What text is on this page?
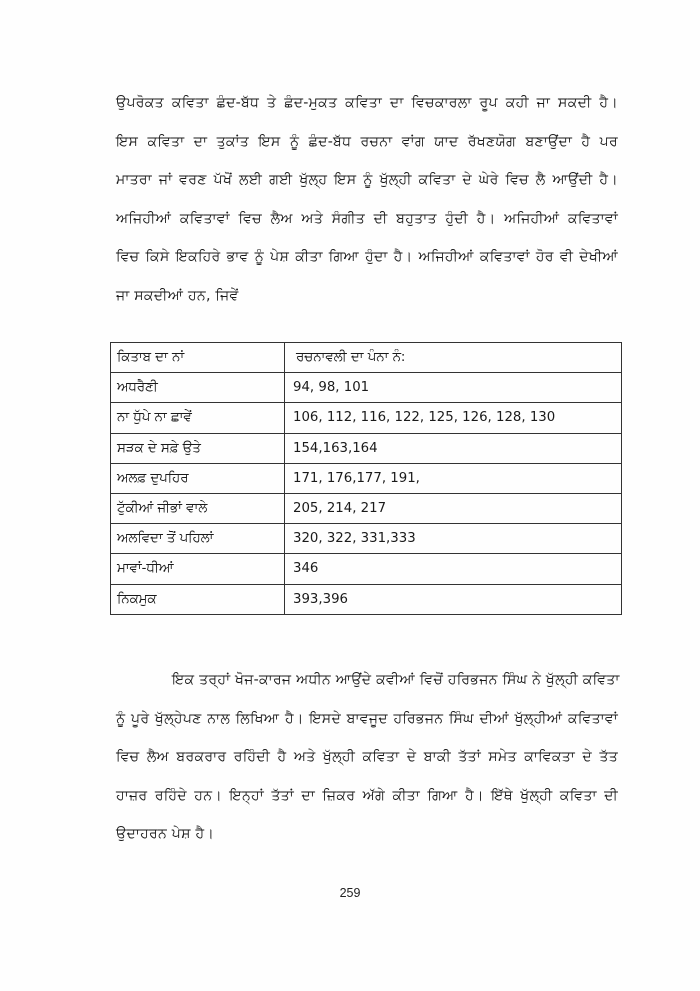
ਉਪਰੋਕਤ ਕਵਿਤਾ ਛੰਦ-ਬੱਧ ਤੇ ਛੰਦ-ਮੁਕਤ ਕਵਿਤਾ ਦਾ ਵਿਚਕਾਰਲਾ ਰੂਪ ਕਹੀ ਜਾ ਸਕਦੀ ਹੈ।
ਇਸ ਕਵਿਤਾ ਦਾ ਤੁਕਾਂਤ ਇਸ ਨੂੰ ਛੰਦ-ਬੱਧ ਰਚਨਾ ਵਾਂਗ ਯਾਦ ਰੱਖਣਯੋਗ ਬਣਾਉਂਦਾ ਹੈ ਪਰ
ਮਾਤਰਾ ਜਾਂ ਵਰਣ ਪੱਖੋਂ ਲਈ ਗਈ ਖੁੱਲ੍ਹ ਇਸ ਨੂੰ ਖੁੱਲ੍ਹੀ ਕਵਿਤਾ ਦੇ ਘੇਰੇ ਵਿਚ ਲੈ ਆਉਂਦੀ ਹੈ।
ਅਜਿਹੀਆਂ ਕਵਿਤਾਵਾਂ ਵਿਚ ਲੈਅ ਅਤੇ ਸੰਗੀਤ ਦੀ ਬਹੁਤਾਤ ਹੁੰਦੀ ਹੈ। ਅਜਿਹੀਆਂ ਕਵਿਤਾਵਾਂ
ਵਿਚ ਕਿਸੇ ਇਕਹਿਰੇ ਭਾਵ ਨੂੰ ਪੇਸ਼ ਕੀਤਾ ਗਿਆ ਹੁੰਦਾ ਹੈ। ਅਜਿਹੀਆਂ ਕਵਿਤਾਵਾਂ ਹੋਰ ਵੀ ਦੇਖੀਆਂ
ਜਾ ਸਕਦੀਆਂ ਹਨ, ਜਿਵੇਂ
ਕਿਤਾਬ ਦਾ ਨਾਂ	ਰਚਨਾਵਲੀ ਦਾ ਪੰਨਾ ਨੰ:
ਅਧਰੈਣੀ	94, 98, 101
ਨਾ ਧੁੱਪੇ ਨਾ ਛਾਵੇਂ	106, 112, 116, 122, 125, 126, 128, 130
ਸੜਕ ਦੇ ਸਫ਼ੇ ਉਤੇ	154,163,164
ਅਲਫ਼ ਦੁਪਹਿਰ	171, 176,177, 191,
ਟੁੱਕੀਆਂ ਜੀਭਾਂ ਵਾਲੇ	205, 214, 217
ਅਲਵਿਦਾ ਤੋਂ ਪਹਿਲਾਂ	320, 322, 331,333
ਮਾਵਾਂ-ਧੀਆਂ	346
ਨਿਕਮੁਕ	393,396
ਇਕ ਤਰ੍ਹਾਂ ਖੋਜ-ਕਾਰਜ ਅਧੀਨ ਆਉਂਦੇ ਕਵੀਆਂ ਵਿਚੋਂ ਹਰਿਭਜਨ ਸਿੰਘ ਨੇ ਖੁੱਲ੍ਹੀ ਕਵਿਤਾ
ਨੂੰ ਪੂਰੇ ਖੁੱਲ੍ਹੇਪਣ ਨਾਲ ਲਿਖਿਆ ਹੈ। ਇਸਦੇ ਬਾਵਜੂਦ ਹਰਿਭਜਨ ਸਿੰਘ ਦੀਆਂ ਖੁੱਲ੍ਹੀਆਂ ਕਵਿਤਾਵਾਂ
ਵਿਚ ਲੈਅ ਬਰਕਰਾਰ ਰਹਿੰਦੀ ਹੈ ਅਤੇ ਖੁੱਲ੍ਹੀ ਕਵਿਤਾ ਦੇ ਬਾਕੀ ਤੱਤਾਂ ਸਮੇਤ ਕਾਵਿਕਤਾ ਦੇ ਤੱਤ
ਹਾਜ਼ਰ ਰਹਿੰਦੇ ਹਨ। ਇਨ੍ਹਾਂ ਤੱਤਾਂ ਦਾ ਜ਼ਿਕਰ ਅੱਗੇ ਕੀਤਾ ਗਿਆ ਹੈ। ਇੱਥੇ ਖੁੱਲ੍ਹੀ ਕਵਿਤਾ ਦੀ
ਉਦਾਹਰਨ ਪੇਸ਼ ਹੈ।
259
